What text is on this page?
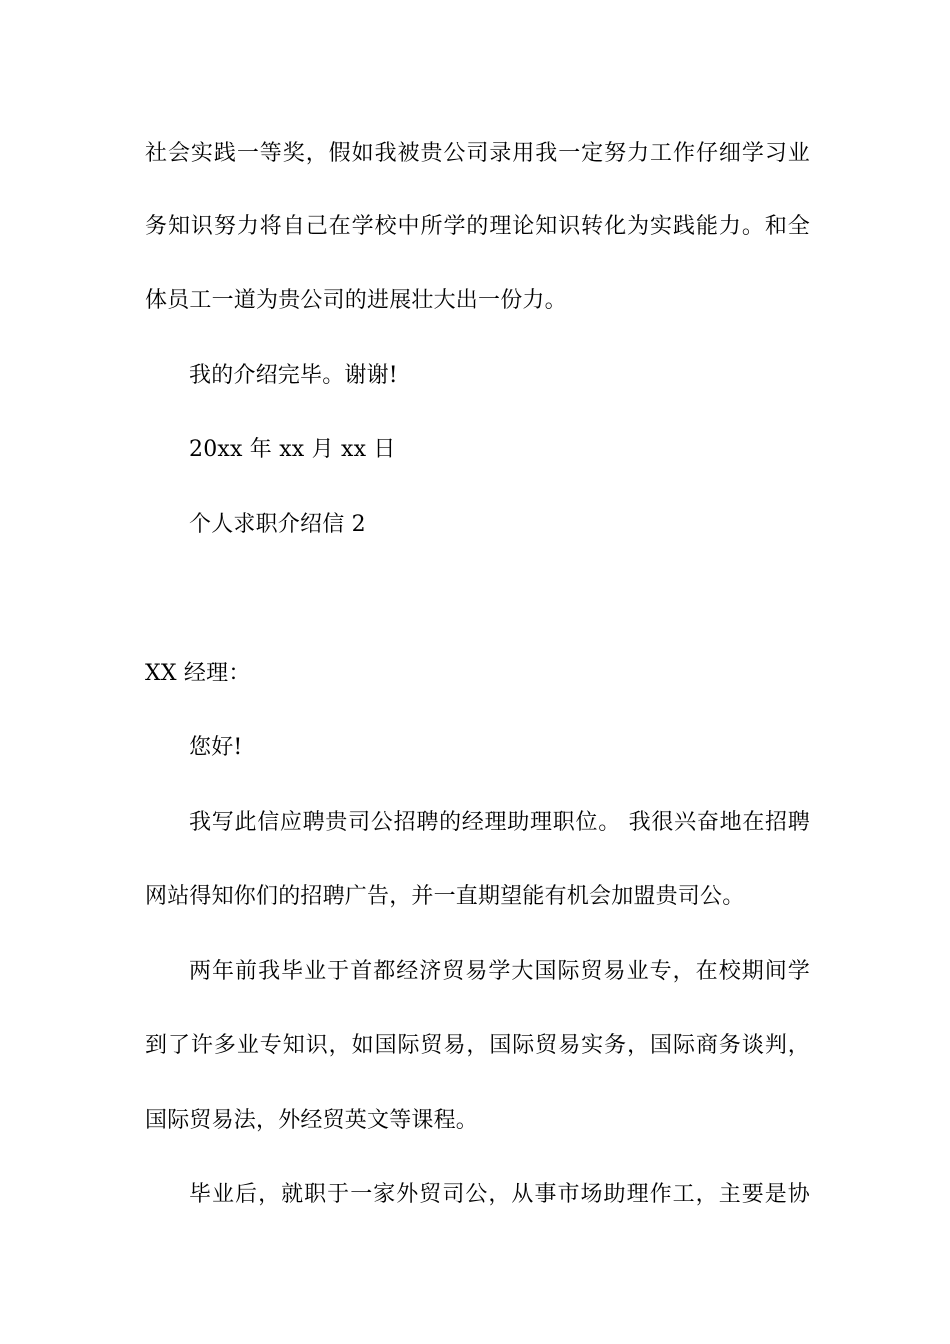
社会实践一等奖，假如我被贵公司录用我一定努力工作仔细学习业
务知识努力将自己在学校中所学的理论知识转化为实践能力。和全
体员工一道为贵公司的进展壮大出一份力。
我的介绍完毕。谢谢!
20xx 年 xx 月 xx 日
个人求职介绍信 2
XX 经理：
您好!
我写此信应聘贵司公招聘的经理助理职位。 我很兴奋地在招聘
网站得知你们的招聘广告，并一直期望能有机会加盟贵司公。
两年前我毕业于首都经济贸易学大国际贸易业专，在校期间学
到了许多业专知识，如国际贸易，国际贸易实务，国际商务谈判，
国际贸易法，外经贸英文等课程。
毕业后，就职于一家外贸司公，从事市场助理作工，主要是协
